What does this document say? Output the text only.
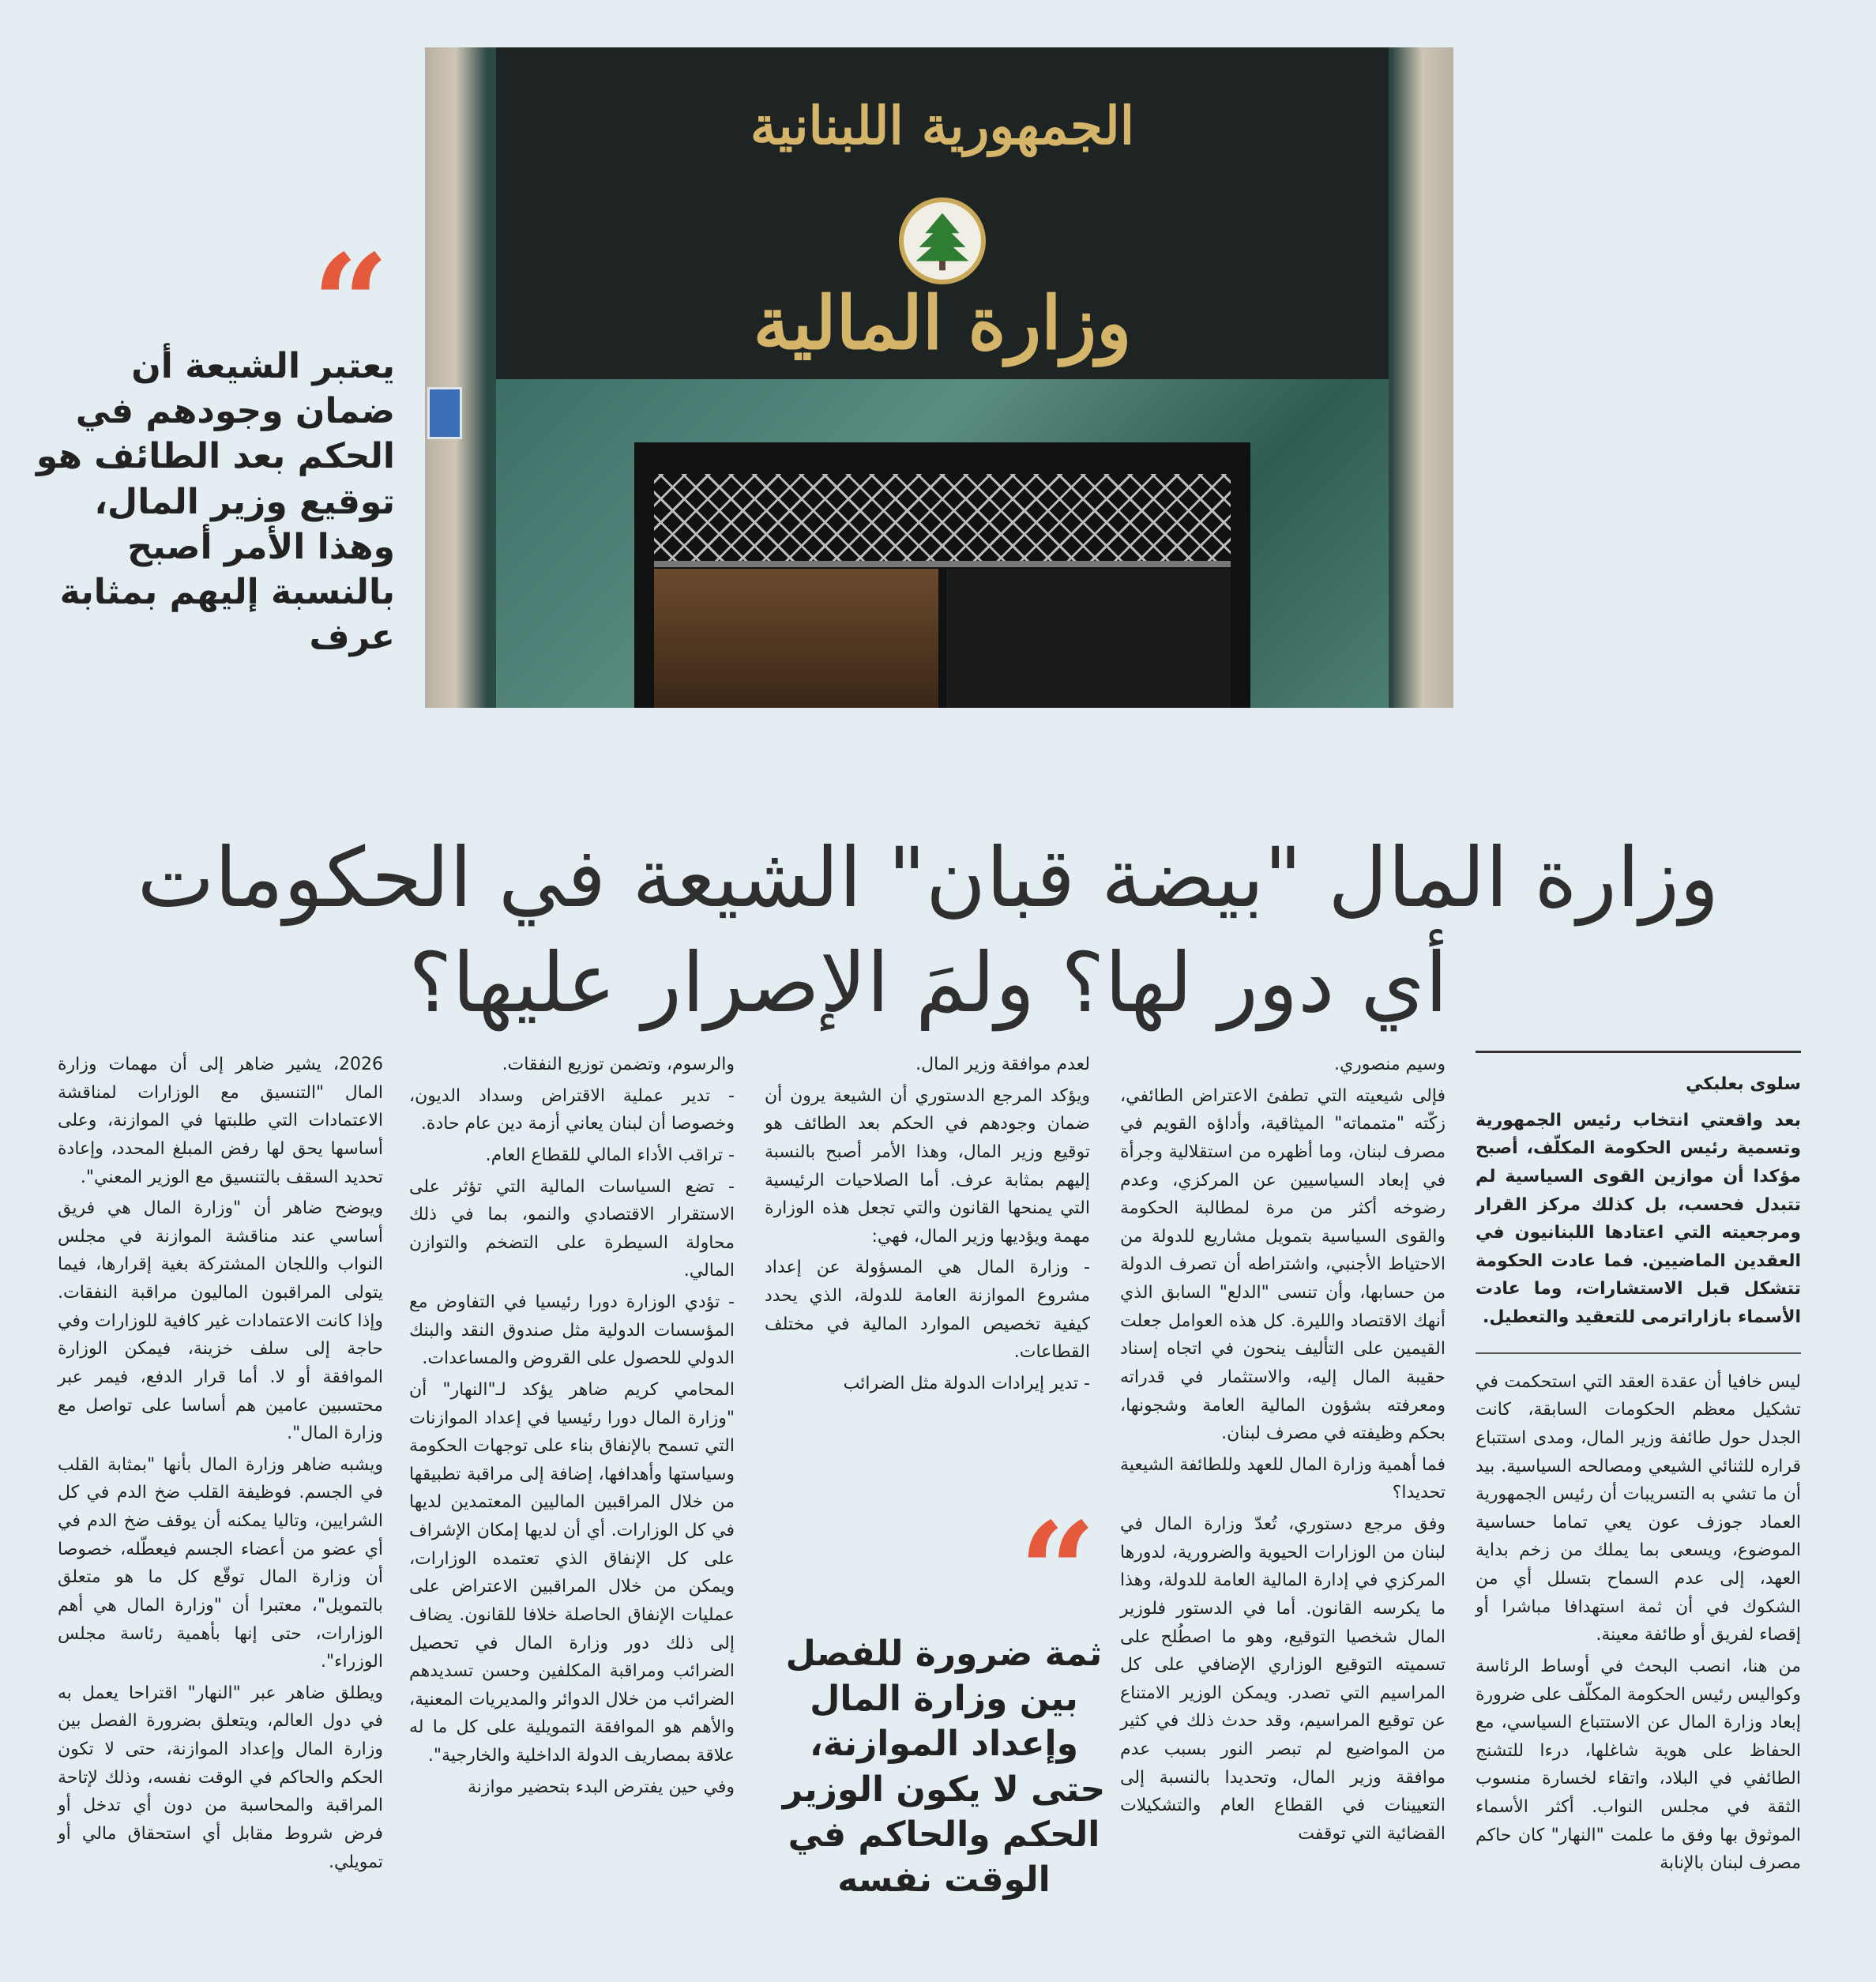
الجمهورية اللبنانية
وزارة المالية
“
يعتبر الشيعة أن ضمان وجودهم في الحكم بعد الطائف هو توقيع وزير المال، وهذا الأمر أصبح بالنسبة إليهم بمثابة عرف
وزارة المال "بيضة قبان" الشيعة في الحكومات
أي دور لها؟ ولمَ الإصرار عليها؟
سلوى بعلبكي
بعد واقعتي انتخاب رئيس الجمهورية وتسمية رئيس الحكومة المكلّف، أصبح مؤكدا أن موازين القوى السياسية لم تتبدل فحسب، بل كذلك مركز القرار ومرجعيته التي اعتادها اللبنانيون في العقدين الماضيين. فما عادت الحكومة تتشكل قبل الاستشارات، وما عادت الأسماء بازاراترمى للتعقيد والتعطيل.

ليس خافيا أن عقدة العقد التي استحكمت في تشكيل معظم الحكومات السابقة، كانت الجدل حول طائفة وزير المال، ومدى استتباع قراره للثنائي الشيعي ومصالحه السياسية. بيد أن ما تشي به التسريبات أن رئيس الجمهورية العماد جوزف عون يعي تماما حساسية الموضوع، ويسعى بما يملك من زخم بداية العهد، إلى عدم السماح بتسلل أي من الشكوك في أن ثمة استهدافا مباشرا أو إقصاء لفريق أو طائفة معينة.

من هنا، انصب البحث في أوساط الرئاسة وكواليس رئيس الحكومة المكلّف على ضرورة إبعاد وزارة المال عن الاستتباع السياسي، مع الحفاظ على هوية شاغلها، درءا للتشنج الطائفي في البلاد، واتقاء لخسارة منسوب الثقة في مجلس النواب. أكثر الأسماء الموثوق بها وفق ما علمت "النهار" كان حاكم مصرف لبنان بالإنابة

وسيم منصوري.

فإلى شيعيته التي تطفئ الاعتراض الطائفي، زكّته "متمماته" الميثاقية، وأداؤه القويم في مصرف لبنان، وما أظهره من استقلالية وجرأة في إبعاد السياسيين عن المركزي، وعدم رضوخه أكثر من مرة لمطالبة الحكومة والقوى السياسية بتمويل مشاريع للدولة من الاحتياط الأجنبي، واشتراطه أن تصرف الدولة من حسابها، وأن تنسى "الدلع" السابق الذي أنهك الاقتصاد والليرة. كل هذه العوامل جعلت القيمين على التأليف ينحون في اتجاه إسناد حقيبة المال إليه، والاستثمار في قدراته ومعرفته بشؤون المالية العامة وشجونها، بحكم وظيفته في مصرف لبنان.

فما أهمية وزارة المال للعهد وللطائفة الشيعية تحديدا؟

وفق مرجع دستوري، تُعدّ وزارة المال في لبنان من الوزارات الحيوية والضرورية، لدورها المركزي في إدارة المالية العامة للدولة، وهذا ما يكرسه القانون. أما في الدستور فلوزير المال شخصيا التوقيع، وهو ما اصطُلح على تسميته التوقيع الوزاري الإضافي على كل المراسيم التي تصدر. ويمكن الوزير الامتناع عن توقيع المراسيم، وقد حدث ذلك في كثير من المواضيع لم تبصر النور بسبب عدم موافقة وزير المال، وتحديدا بالنسبة إلى التعيينات في القطاع العام والتشكيلات القضائية التي توقفت

لعدم موافقة وزير المال.

ويؤكد المرجع الدستوري أن الشيعة يرون أن ضمان وجودهم في الحكم بعد الطائف هو توقيع وزير المال، وهذا الأمر أصبح بالنسبة إليهم بمثابة عرف. أما الصلاحيات الرئيسية التي يمنحها القانون والتي تجعل هذه الوزارة مهمة ويؤديها وزير المال، فهي:

- وزارة المال هي المسؤولة عن إعداد مشروع الموازنة العامة للدولة، الذي يحدد كيفية تخصيص الموارد المالية في مختلف القطاعات.

- تدير إيرادات الدولة مثل الضرائب

“
ثمة ضرورة للفصل بين وزارة المال وإعداد الموازنة، حتى لا يكون الوزير الحكم والحاكم في الوقت نفسه

والرسوم، وتضمن توزيع النفقات.

- تدير عملية الاقتراض وسداد الديون، وخصوصا أن لبنان يعاني أزمة دين عام حادة.

- تراقب الأداء المالي للقطاع العام.

- تضع السياسات المالية التي تؤثر على الاستقرار الاقتصادي والنمو، بما في ذلك محاولة السيطرة على التضخم والتوازن المالي.

- تؤدي الوزارة دورا رئيسيا في التفاوض مع المؤسسات الدولية مثل صندوق النقد والبنك الدولي للحصول على القروض والمساعدات.

المحامي كريم ضاهر يؤكد لـ"النهار" أن "وزارة المال دورا رئيسيا في إعداد الموازنات التي تسمح بالإنفاق بناء على توجهات الحكومة وسياستها وأهدافها، إضافة إلى مراقبة تطبيقها من خلال المراقبين الماليين المعتمدين لديها في كل الوزارات. أي أن لديها إمكان الإشراف على كل الإنفاق الذي تعتمده الوزارات، ويمكن من خلال المراقبين الاعتراض على عمليات الإنفاق الحاصلة خلافا للقانون. يضاف إلى ذلك دور وزارة المال في تحصيل الضرائب ومراقبة المكلفين وحسن تسديدهم الضرائب من خلال الدوائر والمديريات المعنية، والأهم هو الموافقة التمويلية على كل ما له علاقة بمصاريف الدولة الداخلية والخارجية".

وفي حين يفترض البدء بتحضير موازنة

2026، يشير ضاهر إلى أن مهمات وزارة المال "التنسيق مع الوزارات لمناقشة الاعتمادات التي طلبتها في الموازنة، وعلى أساسها يحق لها رفض المبلغ المحدد، وإعادة تحديد السقف بالتنسيق مع الوزير المعني".

ويوضح ضاهر أن "وزارة المال هي فريق أساسي عند مناقشة الموازنة في مجلس النواب واللجان المشتركة بغية إقرارها، فيما يتولى المراقبون الماليون مراقبة النفقات. وإذا كانت الاعتمادات غير كافية للوزارات وفي حاجة إلى سلف خزينة، فيمكن الوزارة الموافقة أو لا. أما قرار الدفع، فيمر عبر محتسبين عامين هم أساسا على تواصل مع وزارة المال".

ويشبه ضاهر وزارة المال بأنها "بمثابة القلب في الجسم. فوظيفة القلب ضخ الدم في كل الشرايين، وتاليا يمكنه أن يوقف ضخ الدم في أي عضو من أعضاء الجسم فيعطّله، خصوصا أن وزارة المال توقّع كل ما هو متعلق بالتمويل"، معتبرا أن "وزارة المال هي أهم الوزارات، حتى إنها بأهمية رئاسة مجلس الوزراء".

ويطلق ضاهر عبر "النهار" اقتراحا يعمل به في دول العالم، ويتعلق بضرورة الفصل بين وزارة المال وإعداد الموازنة، حتى لا تكون الحكم والحاكم في الوقت نفسه، وذلك لإتاحة المراقبة والمحاسبة من دون أي تدخل أو فرض شروط مقابل أي استحقاق مالي أو تمويلي.
